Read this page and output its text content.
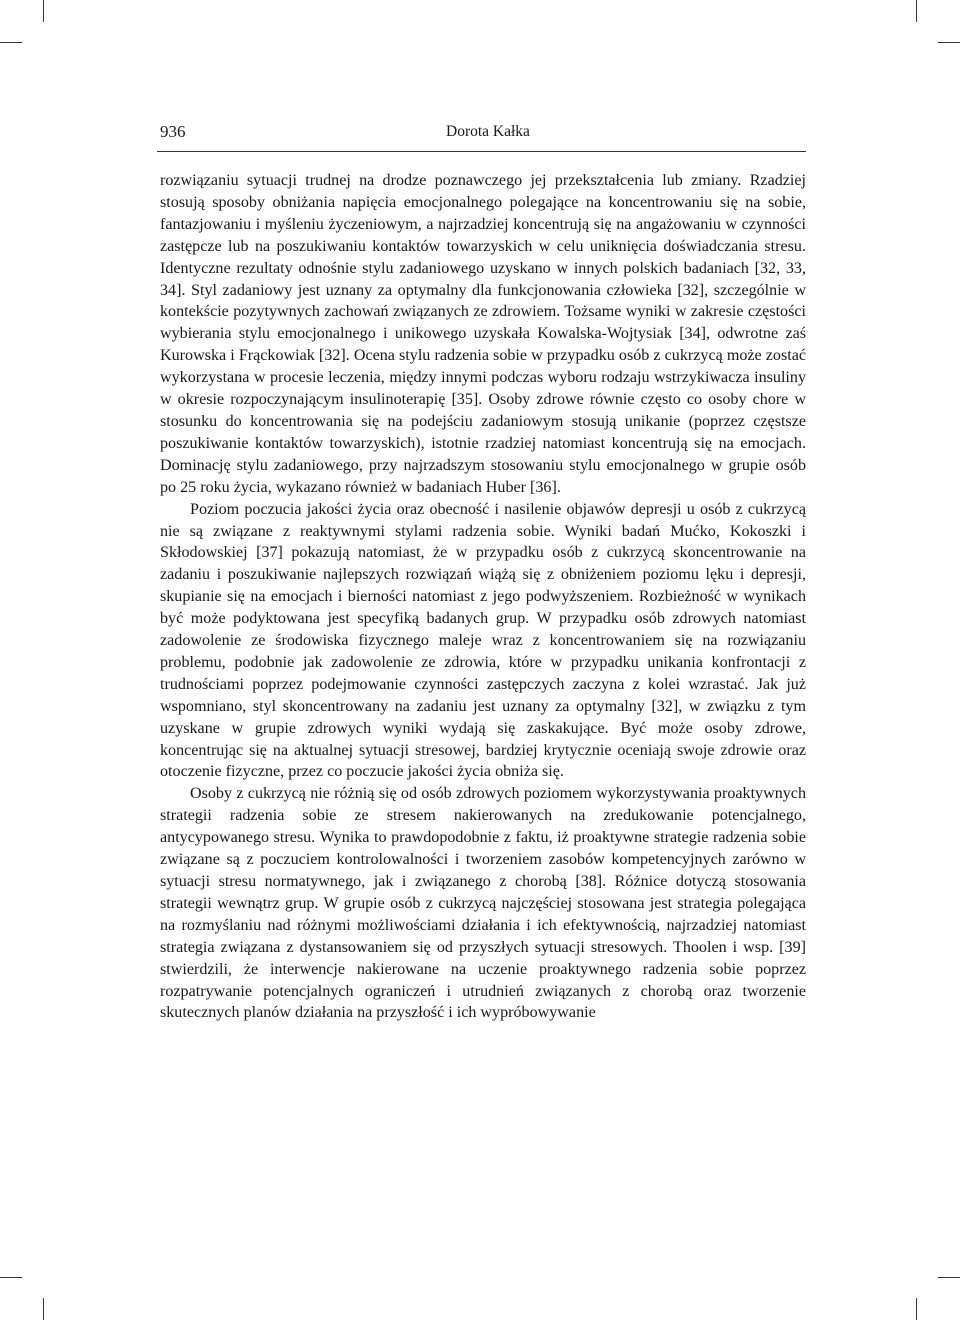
936	Dorota Kałka

rozwiązaniu sytuacji trudnej na drodze poznawczego jej przekształcenia lub zmiany. Rzadziej stosują sposoby obniżania napięcia emocjonalnego polegające na koncentrowaniu się na sobie, fantazjowaniu i myśleniu życzeniowym, a najrzadziej koncentrują się na angażowaniu w czynności zastępcze lub na poszukiwaniu kontaktów towarzyskich w celu uniknięcia doświadczania stresu. Identyczne rezultaty odnośnie stylu zadaniowego uzyskano w innych polskich badaniach [32, 33, 34]. Styl zadaniowy jest uznany za optymalny dla funkcjonowania człowieka [32], szczególnie w kontekście pozytywnych zachowań związanych ze zdrowiem. Tożsame wyniki w zakresie częstości wybierania stylu emocjonalnego i unikowego uzyskała Kowalska-Wojtysiak [34], odwrotne zaś Kurowska i Frąckowiak [32]. Ocena stylu radzenia sobie w przypadku osób z cukrzycą może zostać wykorzystana w procesie leczenia, między innymi podczas wyboru rodzaju wstrzykiwacza insuliny w okresie rozpoczynającym insulinoterapię [35]. Osoby zdrowe równie często co osoby chore w stosunku do koncentrowania się na podejściu zadaniowym stosują unikanie (poprzez częstsze poszukiwanie kontaktów towarzyskich), istotnie rzadziej natomiast koncentrują się na emocjach. Dominację stylu zadaniowego, przy najrzadszym stosowaniu stylu emocjonalnego w grupie osób po 25 roku życia, wykazano również w badaniach Huber [36].

Poziom poczucia jakości życia oraz obecność i nasilenie objawów depresji u osób z cukrzycą nie są związane z reaktywnymi stylami radzenia sobie. Wyniki badań Mućko, Kokoszki i Skłodowskiej [37] pokazują natomiast, że w przypadku osób z cukrzycą skoncentrowanie na zadaniu i poszukiwanie najlepszych rozwiązań wiążą się z obniżeniem poziomu lęku i depresji, skupianie się na emocjach i bierności natomiast z jego podwyższeniem. Rozbieżność w wynikach być może podyktowana jest specyfiką badanych grup. W przypadku osób zdrowych natomiast zadowolenie ze środowiska fizycznego maleje wraz z koncentrowaniem się na rozwiązaniu problemu, podobnie jak zadowolenie ze zdrowia, które w przypadku unikania konfrontacji z trudnościami poprzez podejmowanie czynności zastępczych zaczyna z kolei wzrastać. Jak już wspomniano, styl skoncentrowany na zadaniu jest uznany za optymalny [32], w związku z tym uzyskane w grupie zdrowych wyniki wydają się zaskakujące. Być może osoby zdrowe, koncentrując się na aktualnej sytuacji stresowej, bardziej krytycznie oceniają swoje zdrowie oraz otoczenie fizyczne, przez co poczucie jakości życia obniża się.

Osoby z cukrzycą nie różnią się od osób zdrowych poziomem wykorzystywania proaktywnych strategii radzenia sobie ze stresem nakierowanych na zredukowanie potencjalnego, antycypowanego stresu. Wynika to prawdopodobnie z faktu, iż proaktywne strategie radzenia sobie związane są z poczuciem kontrolowalności i tworzeniem zasobów kompetencyjnych zarówno w sytuacji stresu normatywnego, jak i związanego z chorobą [38]. Różnice dotyczą stosowania strategii wewnątrz grup. W grupie osób z cukrzycą najczęściej stosowana jest strategia polegająca na rozmyślaniu nad różnymi możliwościami działania i ich efektywnością, najrzadziej natomiast strategia związana z dystansowaniem się od przyszłych sytuacji stresowych. Thoolen i wsp. [39] stwierdzili, że interwencje nakierowane na uczenie proaktywnego radzenia sobie poprzez rozpatrywanie potencjalnych ograniczeń i utrudnień związanych z chorobą oraz tworzenie skutecznych planów działania na przyszłość i ich wypróbowywanie
